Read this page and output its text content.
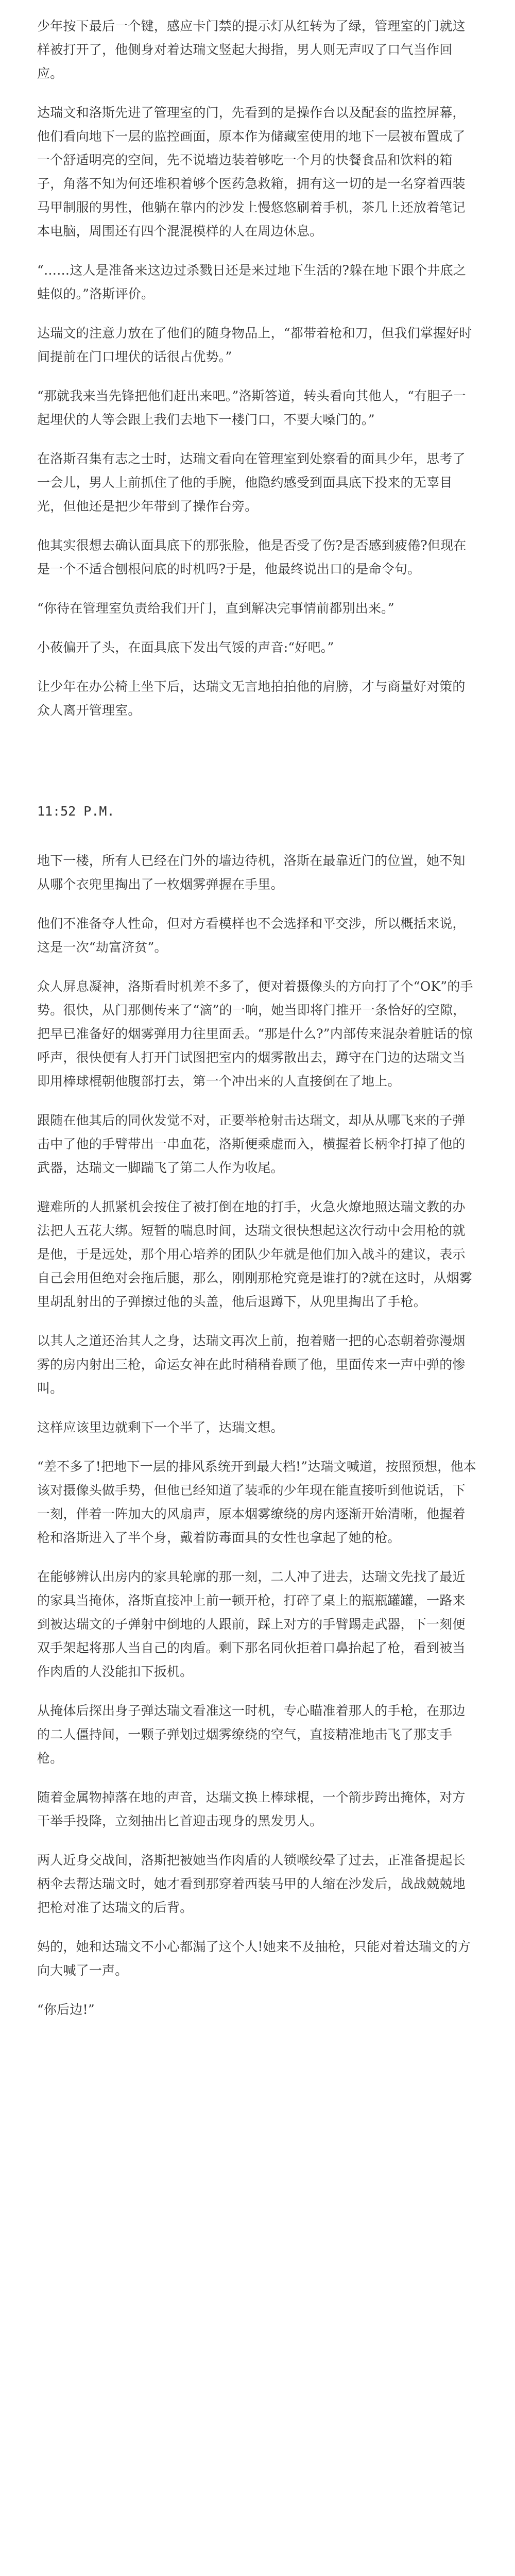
少年按下最后一个键，感应卡门禁的提示灯从红转为了绿，管理室的门就这样被打开了，他侧身对着达瑞文竖起大拇指，男人则无声叹了口气当作回应。

达瑞文和洛斯先进了管理室的门，先看到的是操作台以及配套的监控屏幕，他们看向地下一层的监控画面，原本作为储藏室使用的地下一层被布置成了一个舒适明亮的空间，先不说墙边装着够吃一个月的快餐食品和饮料的箱子，角落不知为何还堆积着够个医药急救箱，拥有这一切的是一名穿着西装马甲制服的男性，他躺在靠内的沙发上慢悠悠刷着手机，茶几上还放着笔记本电脑，周围还有四个混混模样的人在周边休息。

“……这人是准备来这边过杀戮日还是来过地下生活的?躲在地下跟个井底之蛙似的。”洛斯评价。

达瑞文的注意力放在了他们的随身物品上，“都带着枪和刀，但我们掌握好时间提前在门口埋伏的话很占优势。”

“那就我来当先锋把他们赶出来吧。”洛斯答道，转头看向其他人，“有胆子一起埋伏的人等会跟上我们去地下一楼门口，不要大嗓门的。”

在洛斯召集有志之士时，达瑞文看向在管理室到处察看的面具少年，思考了一会儿，男人上前抓住了他的手腕，他隐约感受到面具底下投来的无辜目光，但他还是把少年带到了操作台旁。

他其实很想去确认面具底下的那张脸，他是否受了伤?是否感到疲倦?但现在是一个不适合刨根问底的时机吗?于是，他最终说出口的是命令句。

“你待在管理室负责给我们开门，直到解决完事情前都别出来。”

小莜偏开了头，在面具底下发出气馁的声音:“好吧。”

让少年在办公椅上坐下后，达瑞文无言地拍拍他的肩膀，才与商量好对策的众人离开管理室。

11:52 P.M.

地下一楼，所有人已经在门外的墙边待机，洛斯在最靠近门的位置，她不知从哪个衣兜里掏出了一枚烟雾弹握在手里。

他们不准备夺人性命，但对方看模样也不会选择和平交涉，所以概括来说，这是一次“劫富济贫”。

众人屏息凝神，洛斯看时机差不多了，便对着摄像头的方向打了个“OK”的手势。很快，从门那侧传来了“滴”的一响，她当即将门推开一条恰好的空隙，把早已准备好的烟雾弹用力往里面丢。“那是什么?”内部传来混杂着脏话的惊呼声，很快便有人打开门试图把室内的烟雾散出去，蹲守在门边的达瑞文当即用棒球棍朝他腹部打去，第一个冲出来的人直接倒在了地上。

跟随在他其后的同伙发觉不对，正要举枪射击达瑞文，却从从哪飞来的子弹击中了他的手臂带出一串血花，洛斯便乘虚而入，横握着长柄伞打掉了他的武器，达瑞文一脚踹飞了第二人作为收尾。

避难所的人抓紧机会按住了被打倒在地的打手，火急火燎地照达瑞文教的办法把人五花大绑。短暂的喘息时间，达瑞文很快想起这次行动中会用枪的就是他，于是远处，那个用心培养的团队少年就是他们加入战斗的建议，表示自己会用但绝对会拖后腿，那么，刚刚那枪究竟是谁打的?就在这时，从烟雾里胡乱射出的子弹擦过他的头盖，他后退蹲下，从兜里掏出了手枪。

以其人之道还治其人之身，达瑞文再次上前，抱着赌一把的心态朝着弥漫烟雾的房内射出三枪，命运女神在此时稍稍眷顾了他，里面传来一声中弹的惨叫。

这样应该里边就剩下一个半了，达瑞文想。

“差不多了!把地下一层的排风系统开到最大档!”达瑞文喊道，按照预想，他本该对摄像头做手势，但他已经知道了装乖的少年现在能直接听到他说话，下一刻，伴着一阵加大的风扇声，原本烟雾缭绕的房内逐渐开始清晰，他握着枪和洛斯进入了半个身，戴着防毒面具的女性也拿起了她的枪。

在能够辨认出房内的家具轮廓的那一刻，二人冲了进去，达瑞文先找了最近的家具当掩体，洛斯直接冲上前一顿开枪，打碎了桌上的瓶瓶罐罐，一路来到被达瑞文的子弹射中倒地的人跟前，踩上对方的手臂踢走武器，下一刻便双手架起将那人当自己的肉盾。剩下那名同伙拒着口鼻抬起了枪，看到被当作肉盾的人没能扣下扳机。

从掩体后探出身子弹达瑞文看准这一时机，专心瞄准着那人的手枪，在那边的二人僵持间，一颗子弹划过烟雾缭绕的空气，直接精准地击飞了那支手枪。

随着金属物掉落在地的声音，达瑞文换上棒球棍，一个箭步跨出掩体，对方干举手投降，立刻抽出匕首迎击现身的黑发男人。

两人近身交战间，洛斯把被她当作肉盾的人锁喉绞晕了过去，正准备提起长柄伞去帮达瑞文时，她才看到那穿着西装马甲的人缩在沙发后，战战兢兢地把枪对准了达瑞文的后背。

妈的，她和达瑞文不小心都漏了这个人!她来不及抽枪，只能对着达瑞文的方向大喊了一声。

“你后边!”
